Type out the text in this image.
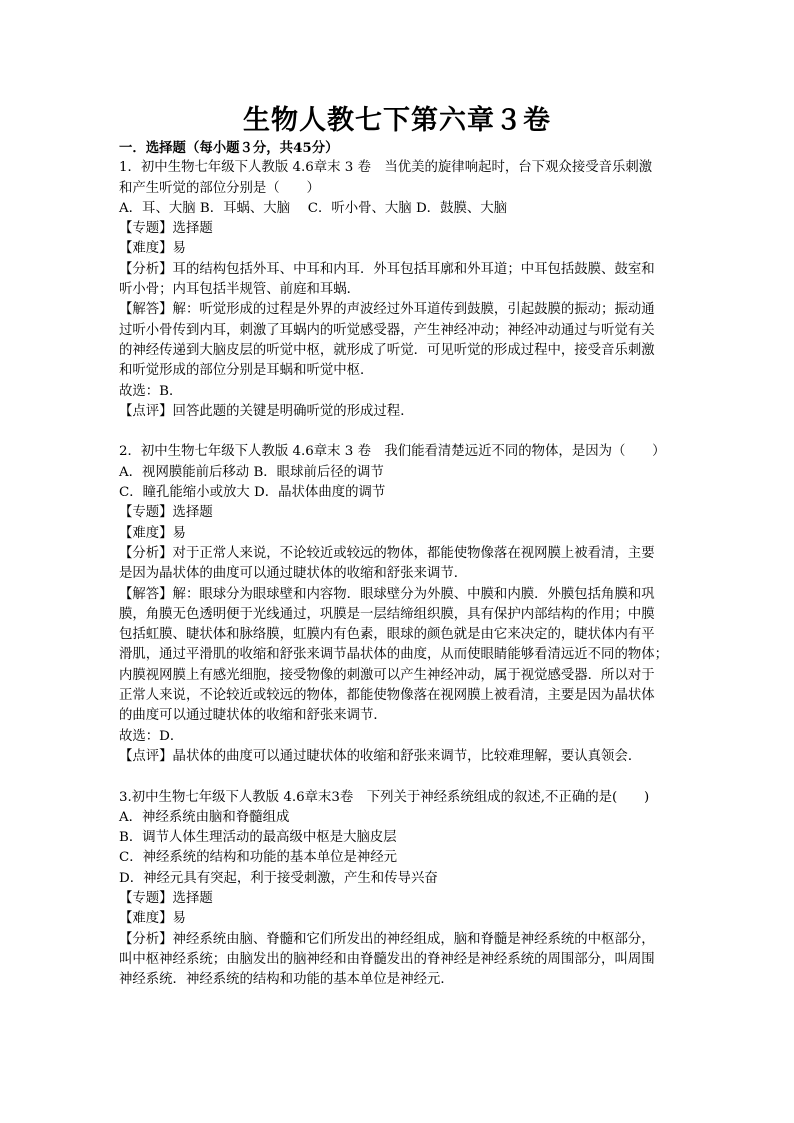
生物人教七下第六章３卷
一．选择题（每小题３分，共45分）
1．初中生物七年级下人教版 4.6章末 3 卷　当优美的旋律响起时，台下观众接受音乐刺激
和产生听觉的部位分别是（　　）
A．耳、大脑 B．耳蜗、大脑　 C．听小骨、大脑 D．鼓膜、大脑
【专题】选择题
【难度】易
【分析】耳的结构包括外耳、中耳和内耳．外耳包括耳廓和外耳道；中耳包括鼓膜、鼓室和
听小骨；内耳包括半规管、前庭和耳蜗．
【解答】解：听觉形成的过程是外界的声波经过外耳道传到鼓膜，引起鼓膜的振动；振动通
过听小骨传到内耳，刺激了耳蜗内的听觉感受器，产生神经冲动；神经冲动通过与听觉有关
的神经传递到大脑皮层的听觉中枢，就形成了听觉．可见听觉的形成过程中，接受音乐刺激
和听觉形成的部位分别是耳蜗和听觉中枢．
故选：B．
【点评】回答此题的关键是明确听觉的形成过程．
2．初中生物七年级下人教版 4.6章末 3 卷　我们能看清楚远近不同的物体，是因为（　　）
A．视网膜能前后移动 B．眼球前后径的调节
C．瞳孔能缩小或放大 D．晶状体曲度的调节
【专题】选择题
【难度】易
【分析】对于正常人来说，不论较近或较远的物体，都能使物像落在视网膜上被看清，主要
是因为晶状体的曲度可以通过睫状体的收缩和舒张来调节．
【解答】解：眼球分为眼球壁和内容物．眼球壁分为外膜、中膜和内膜．外膜包括角膜和巩
膜，角膜无色透明便于光线通过，巩膜是一层结缔组织膜，具有保护内部结构的作用；中膜
包括虹膜、睫状体和脉络膜，虹膜内有色素，眼球的颜色就是由它来决定的，睫状体内有平
滑肌，通过平滑肌的收缩和舒张来调节晶状体的曲度，从而使眼睛能够看清远近不同的物体；
内膜视网膜上有感光细胞，接受物像的刺激可以产生神经冲动，属于视觉感受器．所以对于
正常人来说，不论较近或较远的物体，都能使物像落在视网膜上被看清，主要是因为晶状体
的曲度可以通过睫状体的收缩和舒张来调节．
故选：D．
【点评】晶状体的曲度可以通过睫状体的收缩和舒张来调节，比较难理解，要认真领会．
3.初中生物七年级下人教版 4.6章末3卷　下列关于神经系统组成的叙述,不正确的是(　　)
A．神经系统由脑和脊髓组成
B．调节人体生理活动的最高级中枢是大脑皮层
C．神经系统的结构和功能的基本单位是神经元
D．神经元具有突起，利于接受刺激，产生和传导兴奋
【专题】选择题
【难度】易
【分析】神经系统由脑、脊髓和它们所发出的神经组成，脑和脊髓是神经系统的中枢部分，
叫中枢神经系统；由脑发出的脑神经和由脊髓发出的脊神经是神经系统的周围部分，叫周围
神经系统．神经系统的结构和功能的基本单位是神经元．
